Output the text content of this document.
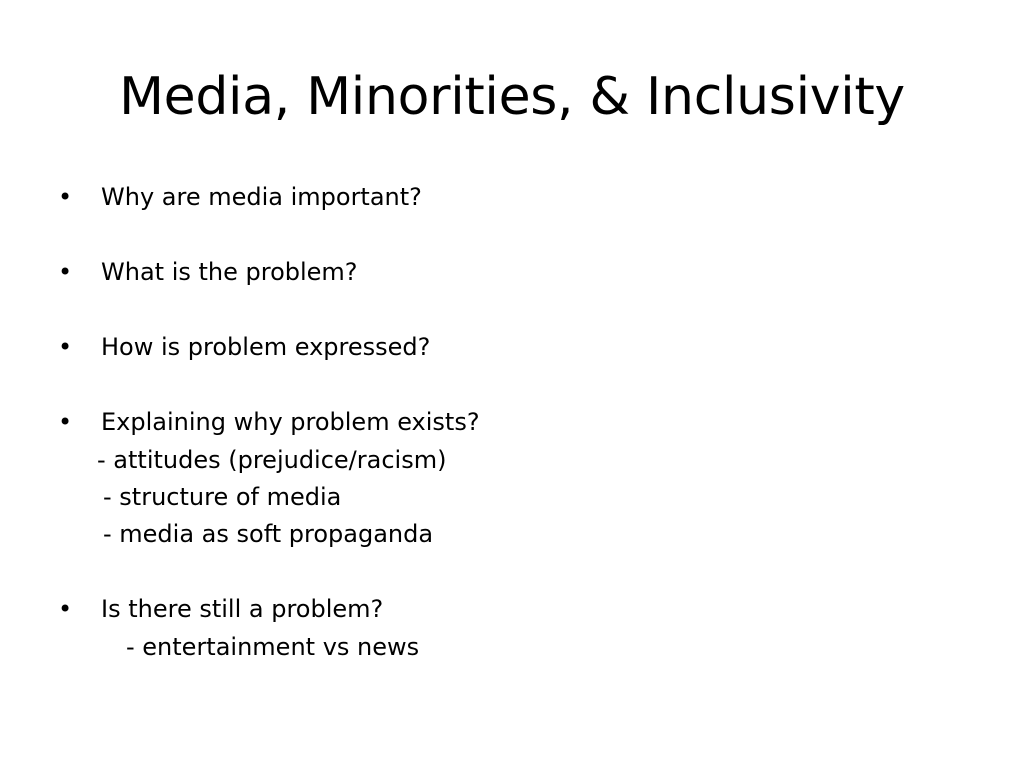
Media, Minorities, & Inclusivity
• Why are media important?
• What is the problem?
• How is problem expressed?
• Explaining why problem exists?
- attitudes (prejudice/racism)
- structure of media
- media as soft propaganda
• Is there still a problem?
- entertainment vs news
